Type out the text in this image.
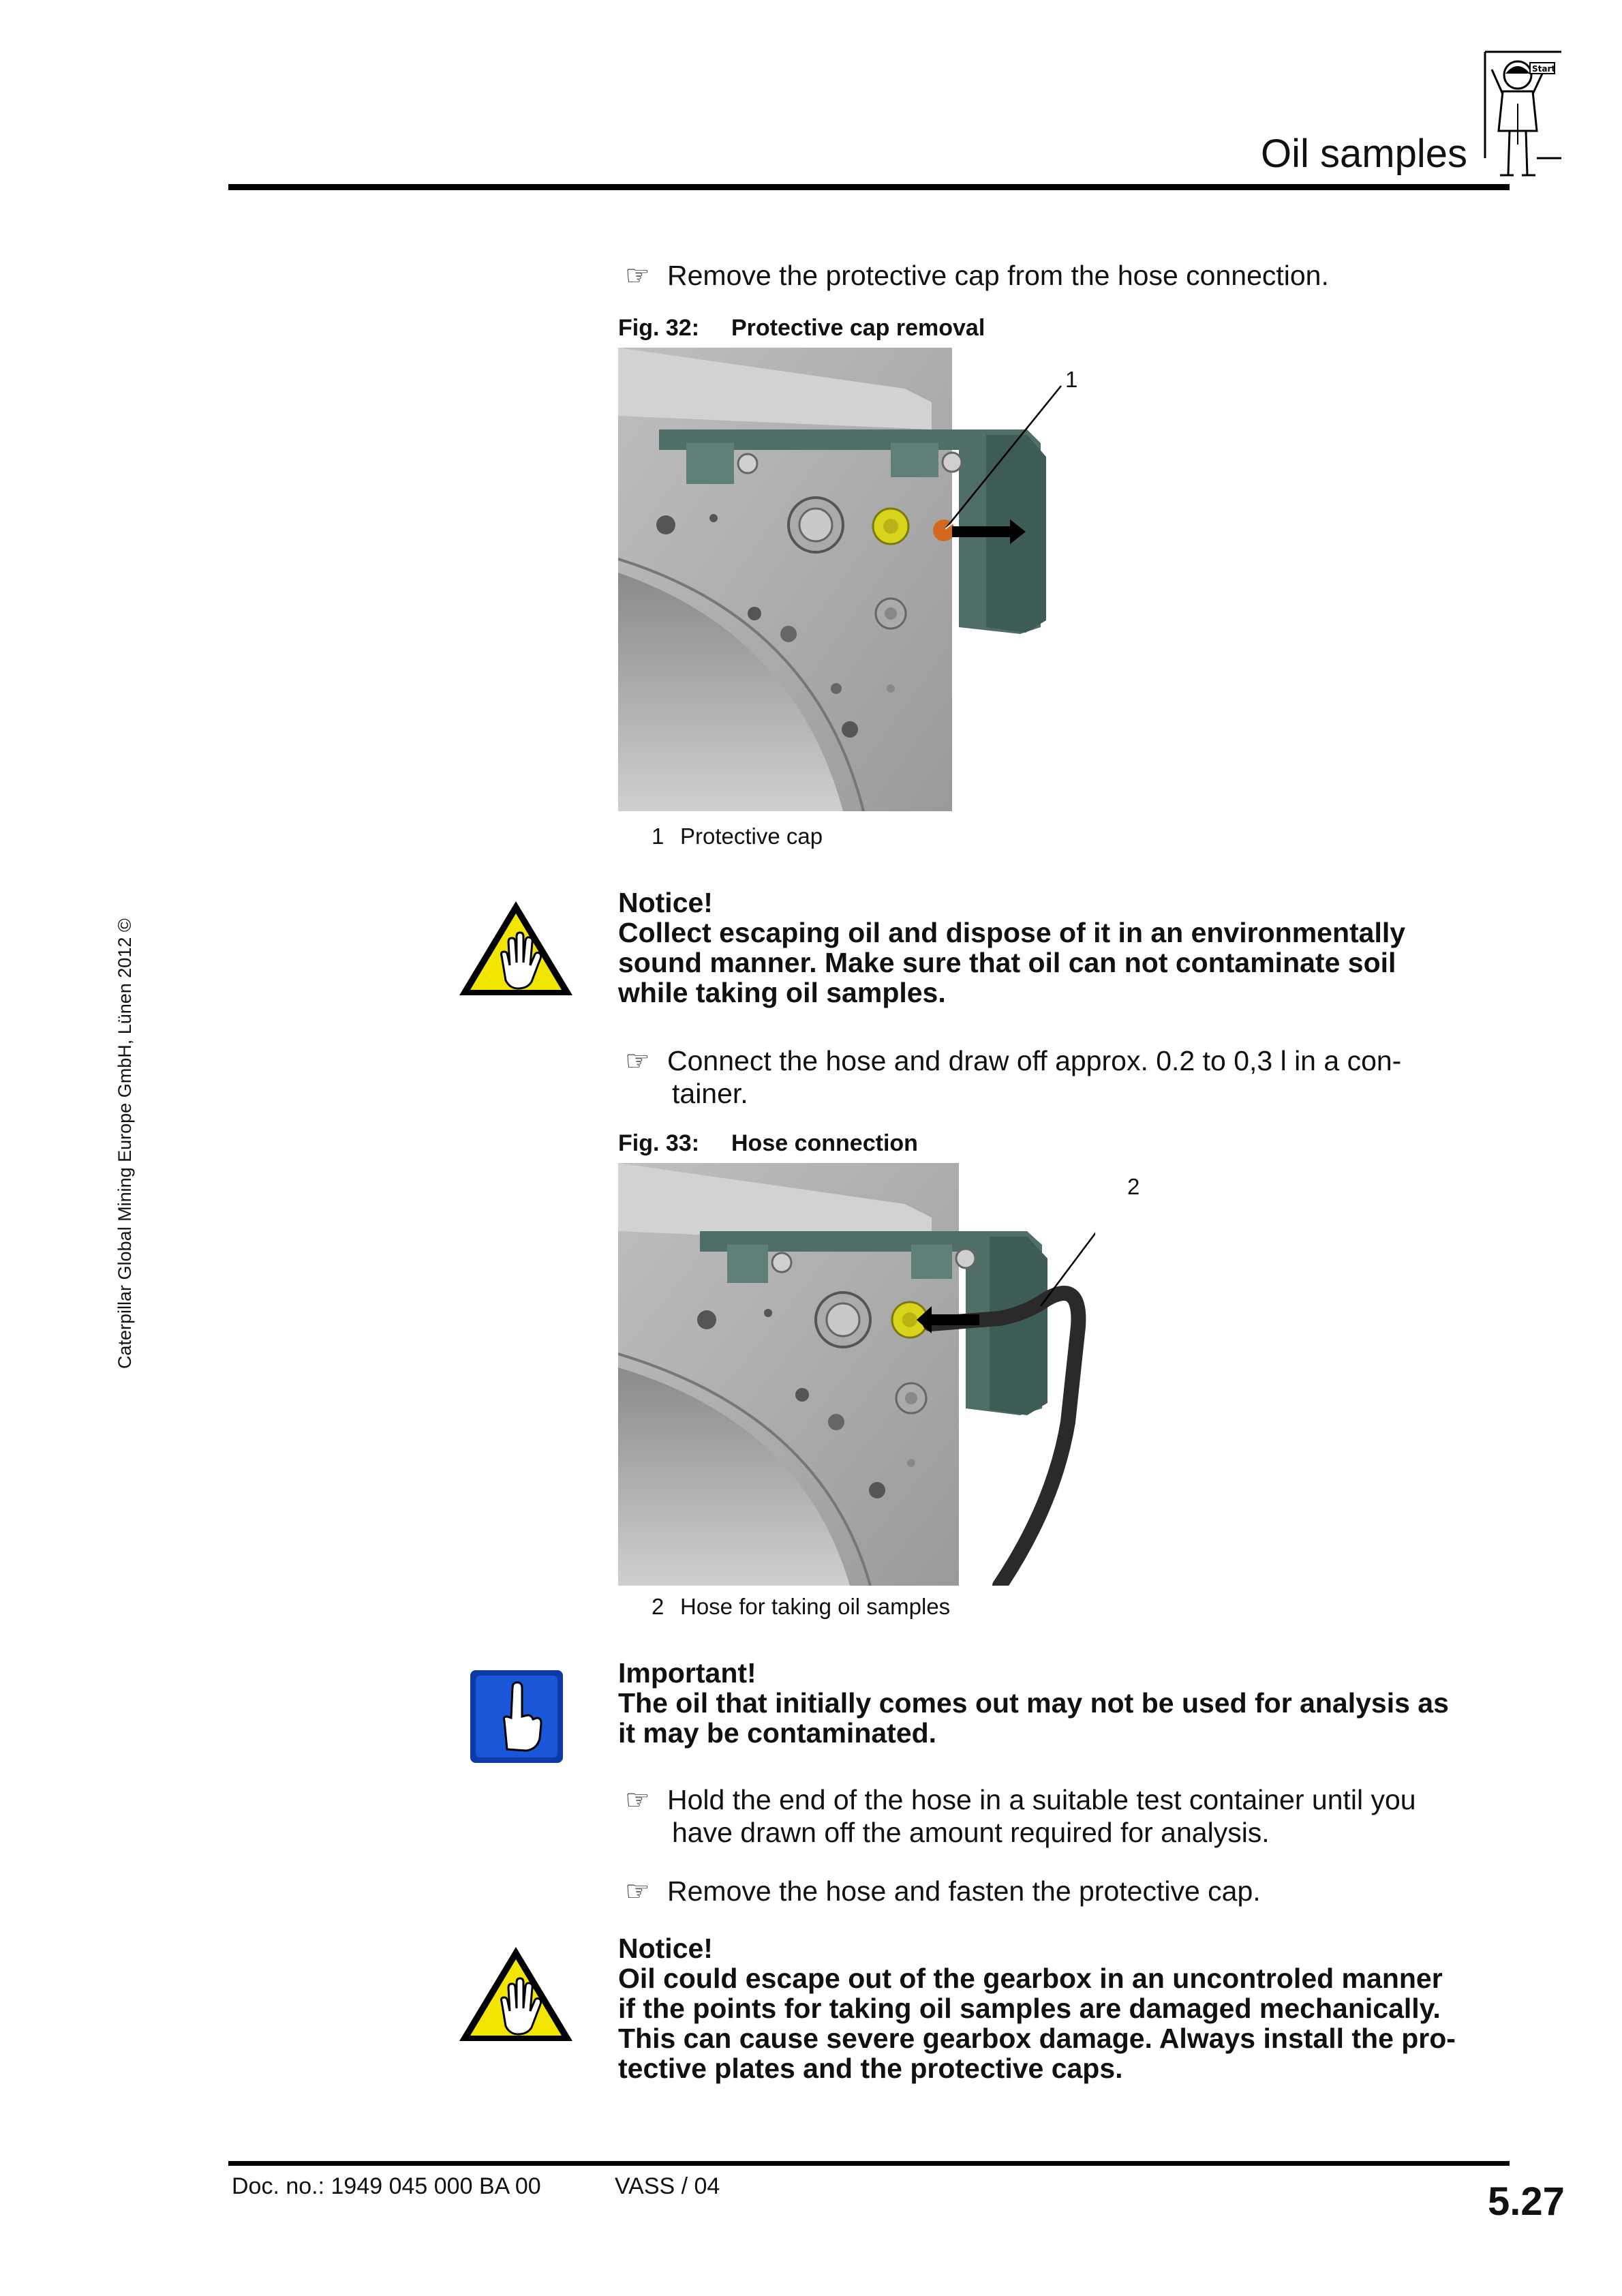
Oil samples
Start
Caterpillar Global Mining Europe GmbH, Lünen 2012 ©
☞ Remove the protective cap from the hose connection.
Fig. 32: Protective cap removal
1
1 Protective cap
Notice!
Collect escaping oil and dispose of it in an environmentally
sound manner. Make sure that oil can not contaminate soil
while taking oil samples.
☞ Connect the hose and draw off approx. 0.2 to 0,3 l in a con-
tainer.
Fig. 33: Hose connection
2
2 Hose for taking oil samples
Important!
The oil that initially comes out may not be used for analysis as
it may be contaminated.
☞ Hold the end of the hose in a suitable test container until you
have drawn off the amount required for analysis.
☞ Remove the hose and fasten the protective cap.
Notice!
Oil could escape out of the gearbox in an uncontroled manner
if the points for taking oil samples are damaged mechanically.
This can cause severe gearbox damage. Always install the pro-
tective plates and the protective caps.
Doc. no.: 1949 045 000 BA 00	VASS / 04	5.27
